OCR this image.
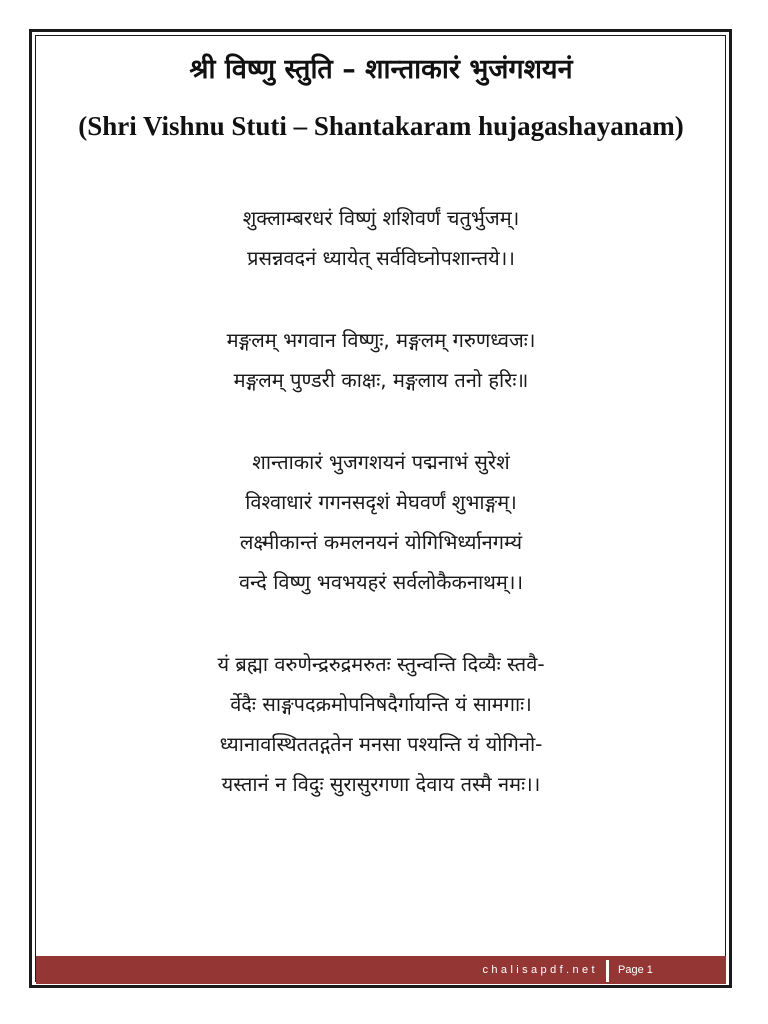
श्री विष्णु स्तुति – शान्ताकारं भुजंगशयनं
(Shri Vishnu Stuti – Shantakaram hujagashayanam)
शुक्लाम्बरधरं विष्णुं शशिवर्णं चतुर्भुजम्।
प्रसन्नवदनं ध्यायेत् सर्वविघ्नोपशान्तये।।
मङ्गलम् भगवान विष्णुः, मङ्गलम् गरुणध्वजः।
मङ्गलम् पुण्डरी काक्षः, मङ्गलाय तनो हरिः॥
शान्ताकारं भुजगशयनं पद्मनाभं सुरेशं
विश्वाधारं गगनसदृशं मेघवर्णं शुभाङ्गम्।
लक्ष्मीकान्तं कमलनयनं योगिभिर्ध्यानगम्यं
वन्दे विष्णु भवभयहरं सर्वलोकैकनाथम्।।
यं ब्रह्मा वरुणेन्द्ररुद्रमरुतः स्तुन्वन्ति दिव्यैः स्तवै-
र्वेदैः साङ्गपदक्रमोपनिषदैर्गायन्ति यं सामगाः।
ध्यानावस्थिततद्गतेन मनसा पश्यन्ति यं योगिनो-
यस्तानं न विदुः सुरासुरगणा देवाय तस्मै नमः।।
chalisapdf.net Page 1
